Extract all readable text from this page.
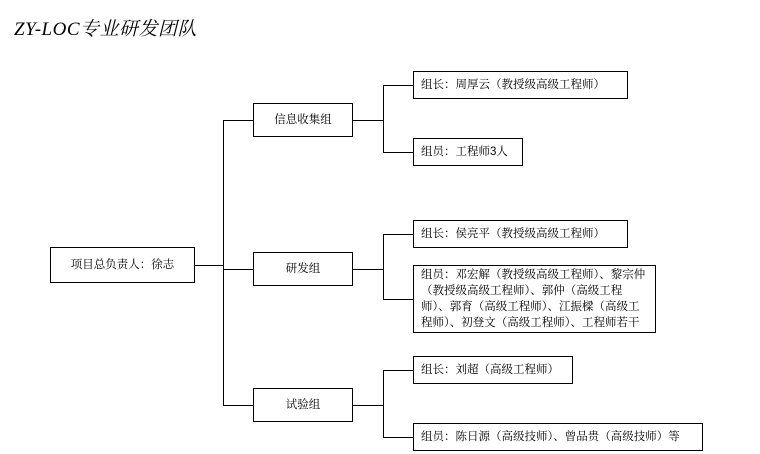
ZY-LOC专业研发团队
项目总负责人：徐志
信息收集组
组长：周厚云（教授级高级工程师）
组员：工程师3人
研发组
组长：侯亮平（教授级高级工程师）
组员：邓宏解（教授级高级工程师）、黎宗仲（教授级高级工程师）、郭仲（高级工程师）、郭育（高级工程师）、江振樑（高级工程师）、初登文（高级工程师）、工程师若干
试验组
组长：刘超（高级工程师）
组员：陈日源（高级技师）、曾品贵（高级技师）等
